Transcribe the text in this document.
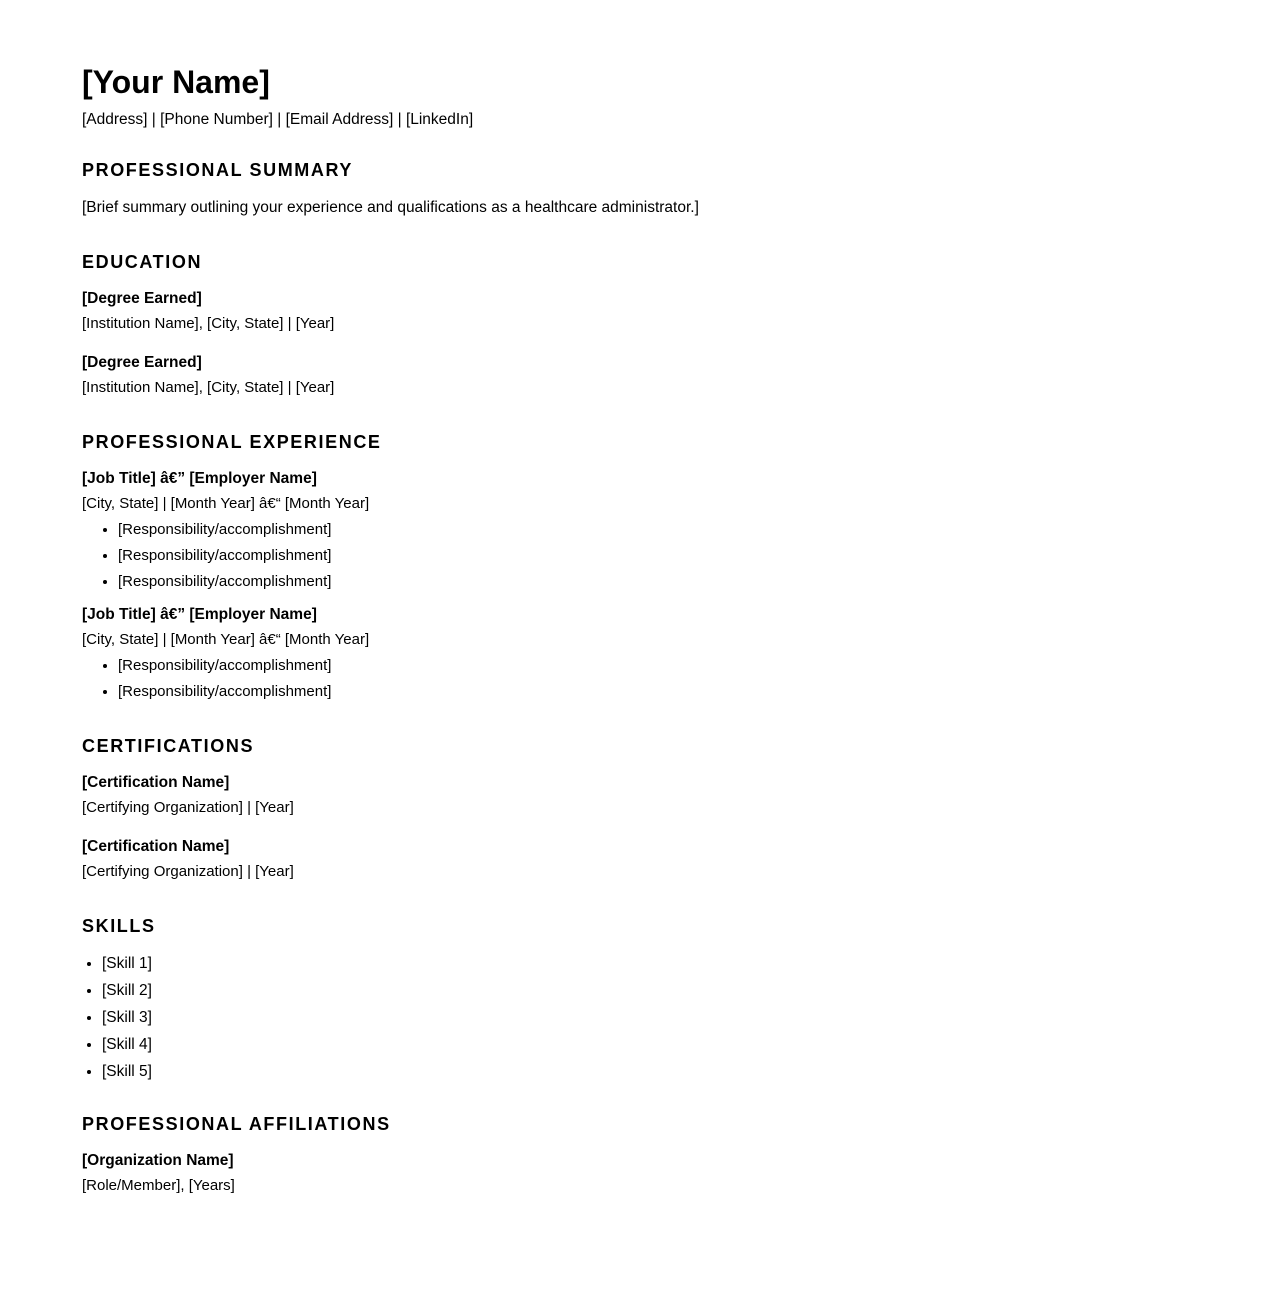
[Your Name]
[Address] | [Phone Number] | [Email Address] | [LinkedIn]
PROFESSIONAL SUMMARY
[Brief summary outlining your experience and qualifications as a healthcare administrator.]
EDUCATION
[Degree Earned]
[Institution Name], [City, State] | [Year]
[Degree Earned]
[Institution Name], [City, State] | [Year]
PROFESSIONAL EXPERIENCE
[Job Title] â€” [Employer Name]
[City, State] | [Month Year] â€“ [Month Year]
• [Responsibility/accomplishment]
• [Responsibility/accomplishment]
• [Responsibility/accomplishment]
[Job Title] â€” [Employer Name]
[City, State] | [Month Year] â€“ [Month Year]
• [Responsibility/accomplishment]
• [Responsibility/accomplishment]
CERTIFICATIONS
[Certification Name]
[Certifying Organization] | [Year]
[Certification Name]
[Certifying Organization] | [Year]
SKILLS
• [Skill 1]
• [Skill 2]
• [Skill 3]
• [Skill 4]
• [Skill 5]
PROFESSIONAL AFFILIATIONS
[Organization Name]
[Role/Member], [Years]
